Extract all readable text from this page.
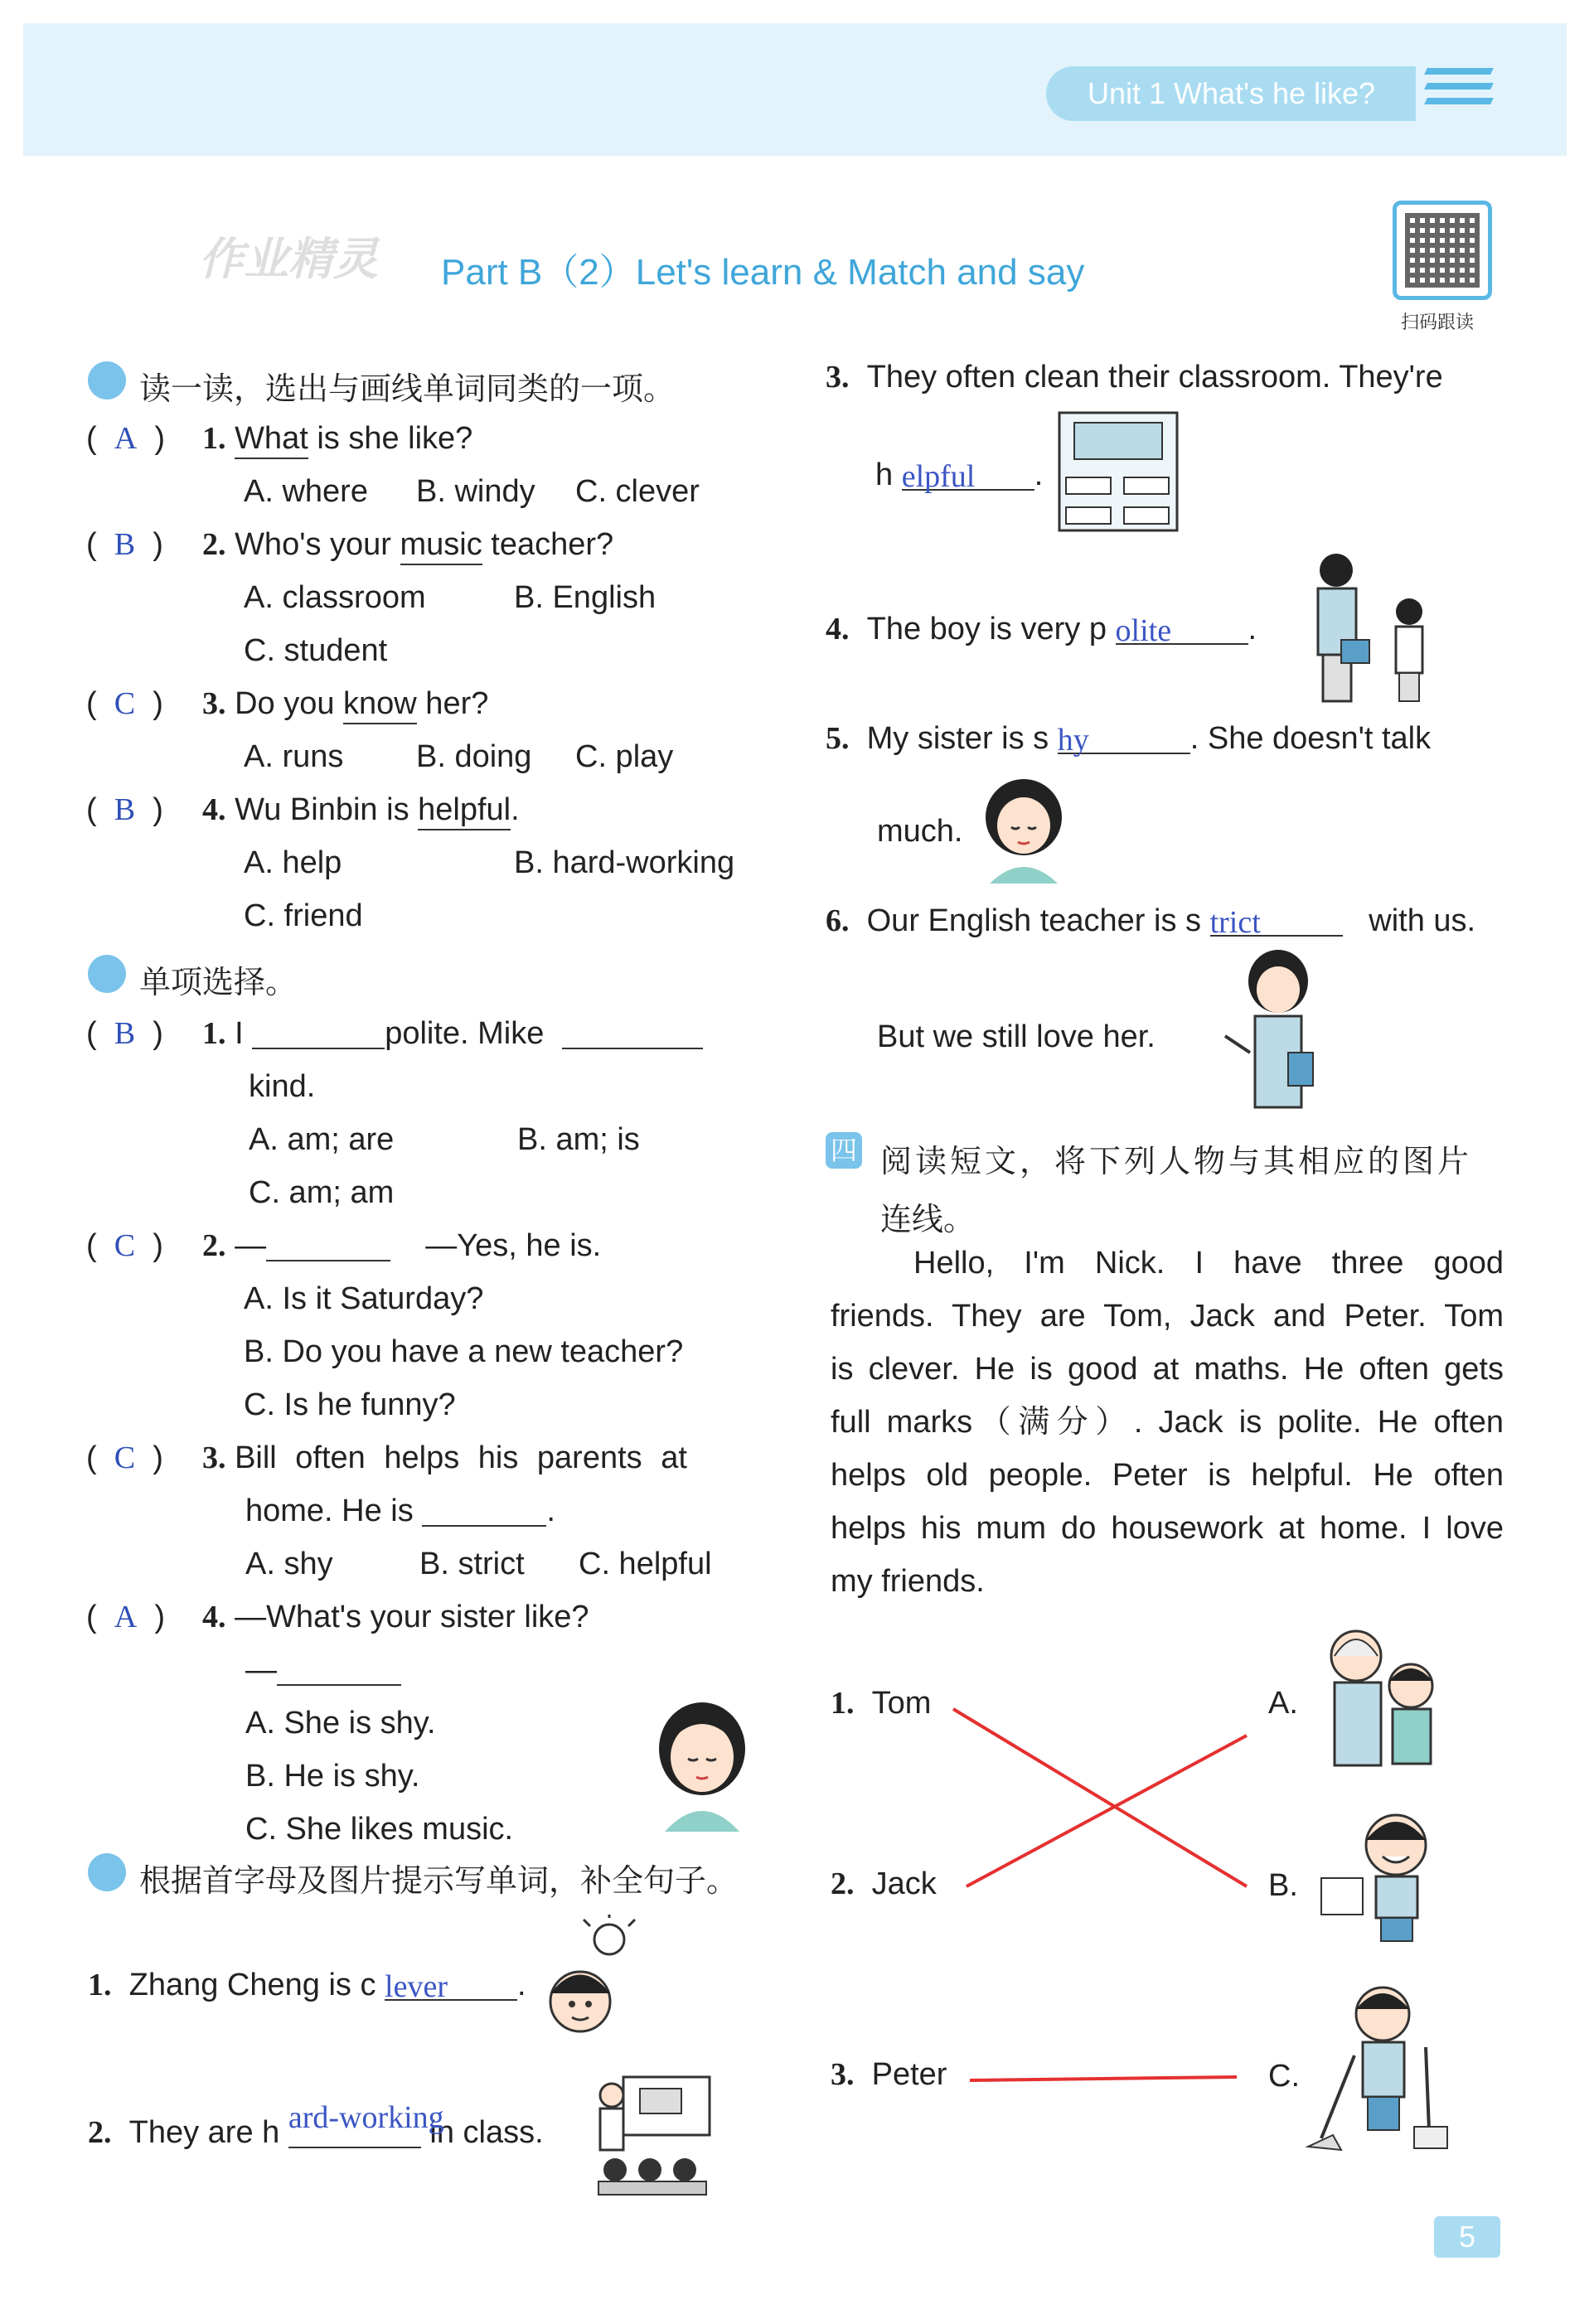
Unit 1 What's he like?
作业精灵 Part B（2）Let's learn & Match and say
扫码跟读
读一读，选出与画线单词同类的一项。
(  A  ) 1. What is she like?
A. where B. windy C. clever
(  B  ) 2. Who's your music teacher?
A. classroom	B. English
C. student
(  C  ) 3. Do you know her?
A. runs B. doing C. play
(  B  ) 4. Wu Binbin is helpful.
A. help	B. hard-working
C. friend
单项选择。
(  B  ) 1. I	polite. Mike
kind.
A. am; are	B. am; is
C. am; am
(  C  ) 2. —	—Yes, he is.
A. Is it Saturday?
B. Do you have a new teacher?
C. Is he funny?
(  C  ) 3. Bill often helps his parents at
home. He is	.
A. shy	B. strict C. helpful
(  A  ) 4. —What's your sister like?
—
A. She is shy.
B. He is shy.
C. She likes music.
根据首字母及图片提示写单词，补全句子。
1. Zhang Cheng is c lever .
2. They are h ard-working
in class.
3. They often clean their classroom. They're
h elpful .
4. The boy is very p olite .
5. My sister is s hy	. She doesn't talk
much.
6. Our English teacher is s trict	with us.
But we still love her.
四 阅读短文，将下列人物与其相应的图片
连线。
Hello, I'm Nick. I have three good
friends. They are Tom, Jack and Peter. Tom
is clever. He is good at maths. He often gets
full marks（满分）. Jack is polite. He often
helps old people. Peter is helpful. He often
helps his mum do housework at home. I love
my friends.
1. Tom
2. Jack
3. Peter
A.
B.
C.
5
